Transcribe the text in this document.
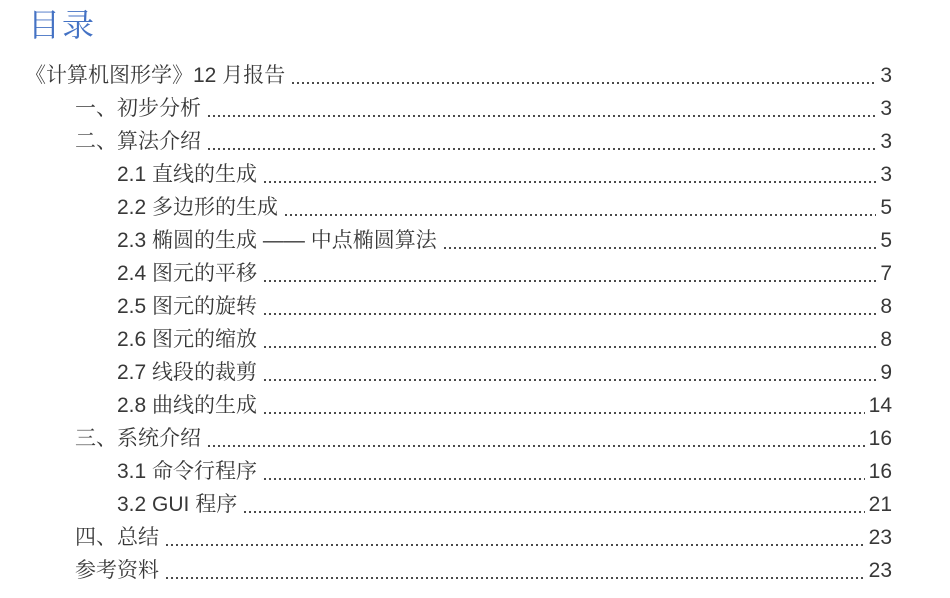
目录
《计算机图形学》12 月报告	3
一、初步分析	3
二、算法介绍	3
2.1 直线的生成	3
2.2 多边形的生成	5
2.3 椭圆的生成 —— 中点椭圆算法	5
2.4 图元的平移	7
2.5 图元的旋转	8
2.6 图元的缩放	8
2.7 线段的裁剪	9
2.8 曲线的生成	14
三、系统介绍	16
3.1 命令行程序	16
3.2 GUI 程序	21
四、总结	23
参考资料	23
